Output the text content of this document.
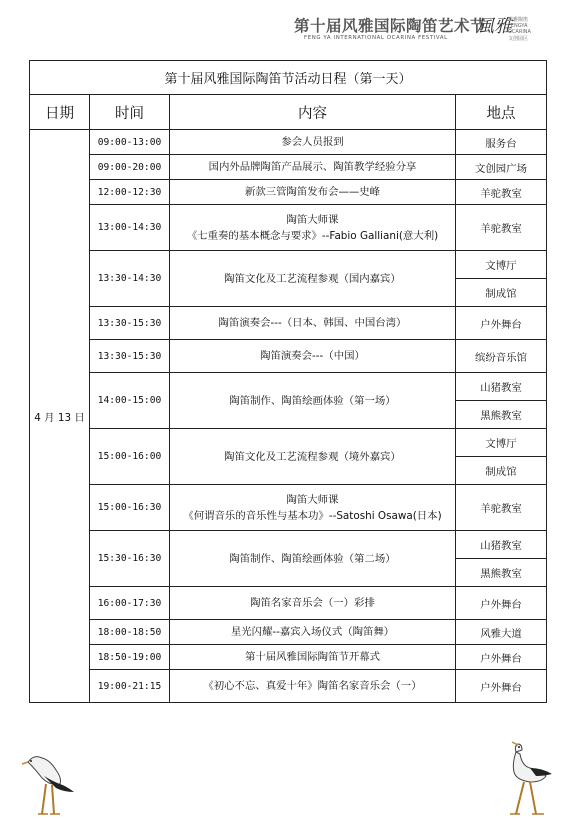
第十届风雅国际陶笛艺术节
FENG YA INTERNATIONAL OCARINA FESTIVAL
風雅
風雅陶笛
FENGYA
OCARINA
文创园区
第十届风雅国际陶笛节活动日程（第一天）			
日期	时间	内容	地点
4 月 13 日	09:00-13:00	参会人员报到	服务台
	09:00-20:00	国内外品牌陶笛产品展示、陶笛教学经验分享	文创园广场
	12:00-12:30	新款三管陶笛发布会——史峰	羊驼教室
	13:00-14:30	陶笛大师课
《七重奏的基本概念与要求》--Fabio Galliani(意大利)	羊驼教室
	13:30-14:30	陶笛文化及工艺流程参观（国内嘉宾）	文博厅
			制成馆
	13:30-15:30	陶笛演奏会---（日本、韩国、中国台湾）	户外舞台
	13:30-15:30	陶笛演奏会---（中国）	缤纷音乐馆
	14:00-15:00	陶笛制作、陶笛绘画体验（第一场）	山猪教室
			黑熊教室
	15:00-16:00	陶笛文化及工艺流程参观（境外嘉宾）	文博厅
			制成馆
	15:00-16:30	陶笛大师课
《何谓音乐的音乐性与基本功》--Satoshi Osawa(日本)	羊驼教室
	15:30-16:30	陶笛制作、陶笛绘画体验（第二场）	山猪教室
			黑熊教室
	16:00-17:30	陶笛名家音乐会（一）彩排	户外舞台
	18:00-18:50	星光闪耀--嘉宾入场仪式（陶笛舞）	风雅大道
	18:50-19:00	第十届风雅国际陶笛节开幕式	户外舞台
	19:00-21:15	《初心不忘、真爱十年》陶笛名家音乐会（一）	户外舞台
